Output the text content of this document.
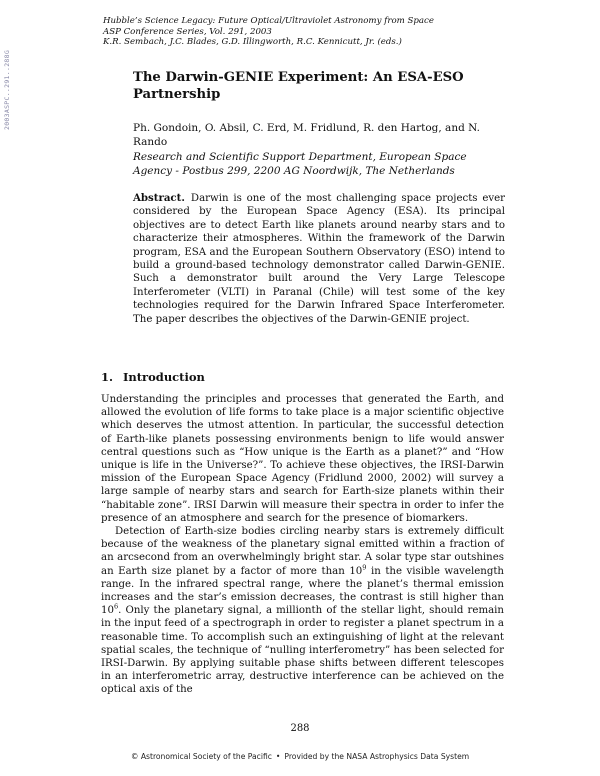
2003ASPC..291..288G
Hubble’s Science Legacy: Future Optical/Ultraviolet Astronomy from Space
ASP Conference Series, Vol. 291, 2003
K.R. Sembach, J.C. Blades, G.D. Illingworth, R.C. Kennicutt, Jr. (eds.)
The Darwin-GENIE Experiment: An ESA-ESO Partnership
Ph. Gondoin, O. Absil, C. Erd, M. Fridlund, R. den Hartog, and N. Rando
Research and Scientific Support Department, European Space Agency - Postbus 299, 2200 AG Noordwijk, The Netherlands
Abstract. Darwin is one of the most challenging space projects ever considered by the European Space Agency (ESA). Its principal objectives are to detect Earth like planets around nearby stars and to characterize their atmospheres. Within the framework of the Darwin program, ESA and the European Southern Observatory (ESO) intend to build a ground-based technology demonstrator called Darwin-GENIE. Such a demonstrator built around the Very Large Telescope Interferometer (VLTI) in Paranal (Chile) will test some of the key technologies required for the Darwin Infrared Space Interferometer. The paper describes the objectives of the Darwin-GENIE project.
1. Introduction

Understanding the principles and processes that generated the Earth, and allowed the evolution of life forms to take place is a major scientific objective which deserves the utmost attention. In particular, the successful detection of Earth-like planets possessing environments benign to life would answer central questions such as “How unique is the Earth as a planet?” and “How unique is life in the Universe?”. To achieve these objectives, the IRSI-Darwin mission of the European Space Agency (Fridlund 2000, 2002) will survey a large sample of nearby stars and search for Earth-size planets within their “habitable zone”. IRSI Darwin will measure their spectra in order to infer the presence of an atmosphere and search for the presence of biomarkers.

Detection of Earth-size bodies circling nearby stars is extremely difficult because of the weakness of the planetary signal emitted within a fraction of an arcsecond from an overwhelmingly bright star. A solar type star outshines an Earth size planet by a factor of more than $10^9$ in the visible wavelength range. In the infrared spectral range, where the planet’s thermal emission increases and the star’s emission decreases, the contrast is still higher than $10^6$. Only the planetary signal, a millionth of the stellar light, should remain in the input feed of a spectrograph in order to register a planet spectrum in a reasonable time. To accomplish such an extinguishing of light at the relevant spatial scales, the technique of “nulling interferometry” has been selected for IRSI-Darwin. By applying suitable phase shifts between different telescopes in an interferometric array, destructive interference can be achieved on the optical axis of the

288
© Astronomical Society of the Pacific • Provided by the NASA Astrophysics Data System
